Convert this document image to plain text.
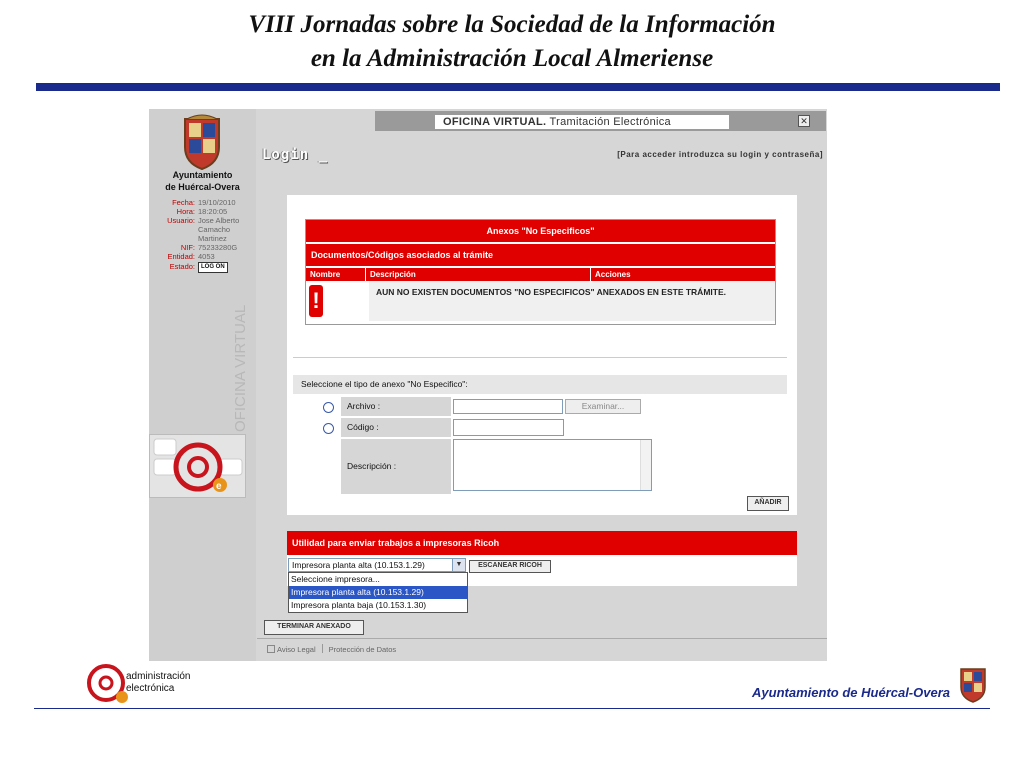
VIII Jornadas sobre la Sociedad de la Información
en la Administración Local Almeriense
Ayuntamiento
de Huércal-Overa
Fecha: 19/10/2010
Hora: 18:20:05
Usuario: Jose Alberto Camacho Martinez
NIF: 75233280G
Entidad: 4053
Estado:	LOG ON
OFICINA VIRTUAL
e
OFICINA VIRTUAL. Tramitación Electrónica	✕
Login _	[Para acceder introduzca su login y contraseña]
Anexos "No Especificos"
Documentos/Códigos asociados al trámite
Nombre	Descripción	Acciones
!	AUN NO EXISTEN DOCUMENTOS "NO ESPECIFICOS" ANEXADOS EN ESTE TRÁMITE.
Seleccione el tipo de anexo "No Especifico":
Archivo :	Examinar...
Código :
Descripción :
AÑADIR
Utilidad para enviar trabajos a impresoras Ricoh
Impresora planta alta (10.153.1.29)	▼	ESCANEAR RICOH
Seleccione impresora...
Impresora planta alta (10.153.1.29)
Impresora planta baja (10.153.1.30)
TERMINAR ANEXADO
Aviso Legal Protección de Datos
administración
electrónica	Ayuntamiento de Huércal-Overa
